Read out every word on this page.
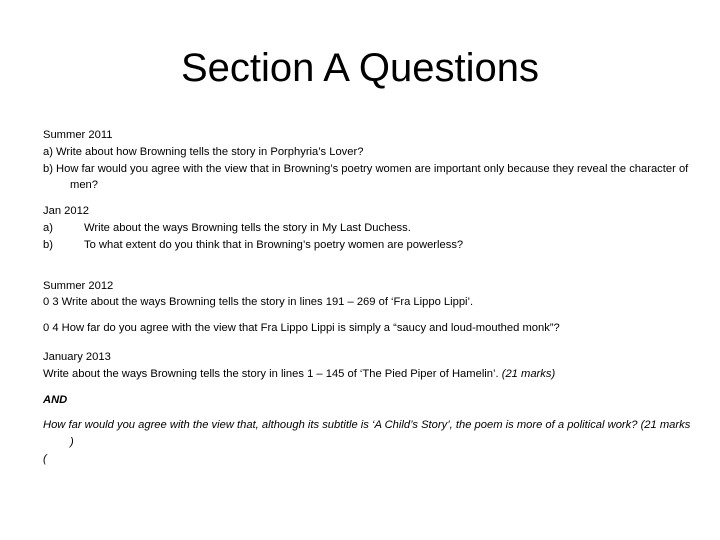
Section A Questions
Summer 2011
a) Write about how Browning tells the story in Porphyria’s Lover?
b) How far would you agree with the view that in Browning’s poetry women are important only because they reveal the character of men?
Jan 2012
a)	Write about the ways Browning tells the story in My Last Duchess.
b)	To what extent do you think that in Browning’s poetry women are powerless?
Summer 2012
0 3 Write about the ways Browning tells the story in lines 191 – 269 of ‘Fra Lippo Lippi’.
0 4 How far do you agree with the view that Fra Lippo Lippi is simply a “saucy and loud-mouthed monk”?
January 2013
Write about the ways Browning tells the story in lines 1 – 145 of ‘The Pied Piper of Hamelin’. (21 marks)
AND
How far would you agree with the view that, although its subtitle is ‘A Child’s Story’, the poem is more of a political work? (21 marks )
(
